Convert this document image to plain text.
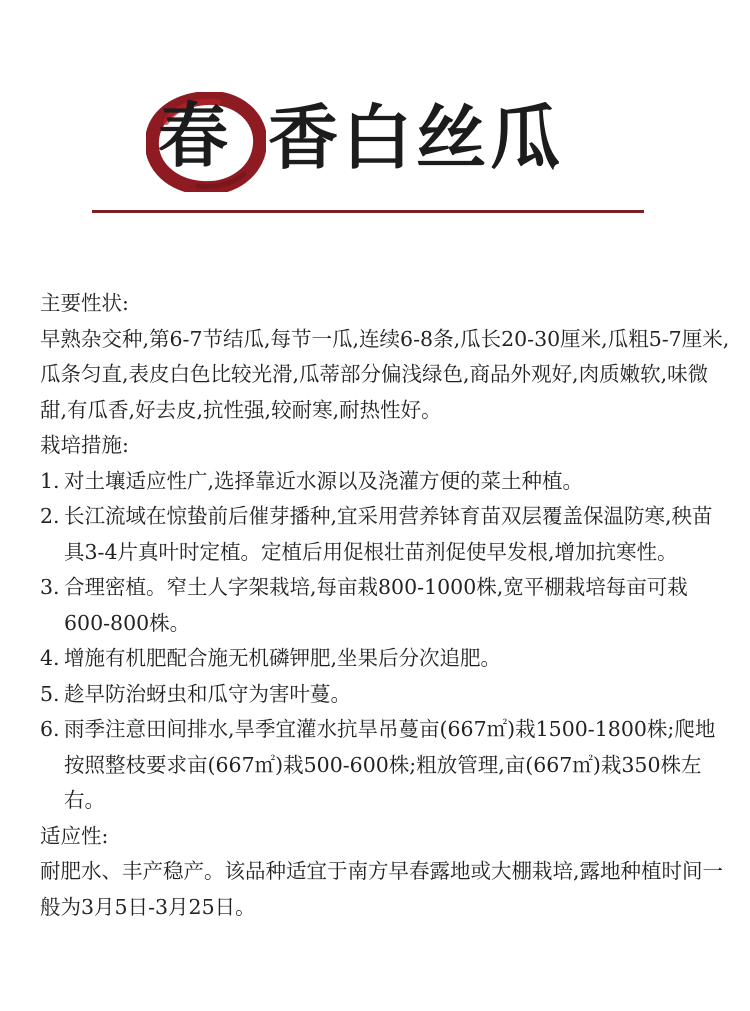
春 香白丝瓜

主要性状:

早熟杂交种,第6-7节结瓜,每节一瓜,连续6-8条,瓜长20-30厘米,瓜粗5-7厘米,瓜条匀直,表皮白色比较光滑,瓜蒂部分偏浅绿色,商品外观好,肉质嫩软,味微甜,有瓜香,好去皮,抗性强,较耐寒,耐热性好。

栽培措施:

1. 对土壤适应性广,选择靠近水源以及浇灌方便的菜土种植。
2. 长江流域在惊蛰前后催芽播种,宜采用营养钵育苗双层覆盖保温防寒,秧苗具3-4片真叶时定植。定植后用促根壮苗剂促使早发根,增加抗寒性。
3. 合理密植。窄土人字架栽培,每亩栽800-1000株,宽平棚栽培每亩可栽600-800株。
4. 增施有机肥配合施无机磷钾肥,坐果后分次追肥。
5. 趁早防治蚜虫和瓜守为害叶蔓。
6. 雨季注意田间排水,旱季宜灌水抗旱吊蔓亩(667㎡)栽1500-1800株;爬地按照整枝要求亩(667㎡)栽500-600株;粗放管理,亩(667㎡)栽350株左右。

适应性:

耐肥水、丰产稳产。该品种适宜于南方早春露地或大棚栽培,露地种植时间一般为3月5日-3月25日。
